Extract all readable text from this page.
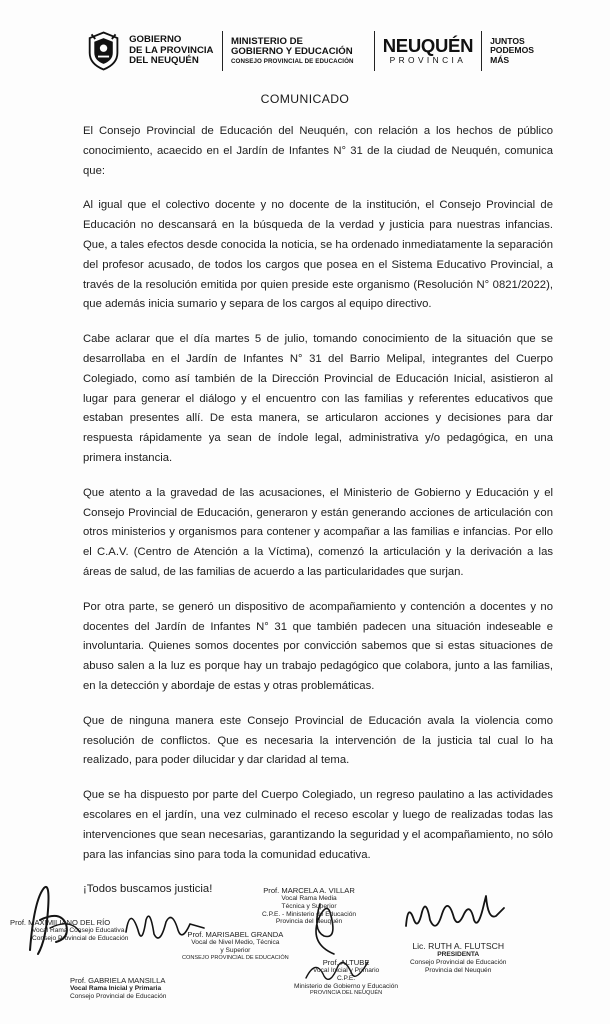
GOBIERNO
DE LA PROVINCIA
DEL NEUQUÉN
MINISTERIO DE
GOBIERNO Y EDUCACIÓN
CONSEJO PROVINCIAL DE EDUCACIÓN
NEUQUÉN
PROVINCIA
JUNTOS
PODEMOS
MÁS
COMUNICADO

El Consejo Provincial de Educación del Neuquén, con relación a los hechos de público conocimiento, acaecido en el Jardín de Infantes N° 31 de la ciudad de Neuquén, comunica que:

Al igual que el colectivo docente y no docente de la institución, el Consejo Provincial de Educación no descansará en la búsqueda de la verdad y justicia para nuestras infancias. Que, a tales efectos desde conocida la noticia, se ha ordenado inmediatamente la separación del profesor acusado, de todos los cargos que posea en el Sistema Educativo Provincial, a través de la resolución emitida por quien preside este organismo (Resolución N° 0821/2022), que además inicia sumario y separa de los cargos al equipo directivo.

Cabe aclarar que el día martes 5 de julio, tomando conocimiento de la situación que se desarrollaba en el Jardín de Infantes N° 31 del Barrio Melipal, integrantes del Cuerpo Colegiado, como así también de la Dirección Provincial de Educación Inicial, asistieron al lugar para generar el diálogo y el encuentro con las familias y referentes educativos que estaban presentes allí. De esta manera, se articularon acciones y decisiones para dar respuesta rápidamente ya sean de índole legal, administrativa y/o pedagógica, en una primera instancia.

Que atento a la gravedad de las acusaciones, el Ministerio de Gobierno y Educación y el Consejo Provincial de Educación, generaron y están generando acciones de articulación con otros ministerios y organismos para contener y acompañar a las familias e infancias. Por ello el C.A.V. (Centro de Atención a la Víctima), comenzó la articulación y la derivación a las áreas de salud, de las familias de acuerdo a las particularidades que surjan.

Por otra parte, se generó un dispositivo de acompañamiento y contención a docentes y no docentes del Jardín de Infantes N° 31 que también padecen una situación indeseable e involuntaria. Quienes somos docentes por convicción sabemos que si estas situaciones de abuso salen a la luz es porque hay un trabajo pedagógico que colabora, junto a las familias, en la detección y abordaje de estas y otras problemáticas.

Que de ninguna manera este Consejo Provincial de Educación avala la violencia como resolución de conflictos. Que es necesaria la intervención de la justicia tal cual lo ha realizado, para poder dilucidar y dar claridad al tema.

Que se ha dispuesto por parte del Cuerpo Colegiado, un regreso paulatino a las actividades escolares en el jardín, una vez culminado el receso escolar y luego de realizadas todas las intervenciones que sean necesarias, garantizando la seguridad y el acompañamiento, no sólo para las infancias sino para toda la comunidad educativa.

¡Todos buscamos justicia!

Prof. MAXIMILIANO DEL RÍO
Vocal Rama Consejo Educativa
Consejo Provincial de Educación
Prof. GABRIELA MANSILLA
Vocal Rama Inicial y Primaria
Consejo Provincial de Educación
Prof. MARISABEL GRANDA
Vocal de Nivel Medio, Técnica
y Superior
CONSEJO PROVINCIAL DE EDUCACIÓN
Prof. MARCELA A. VILLAR
Vocal Rama Media
Técnica y Superior
C.P.E. - Ministerio de Educación
Provincia del Neuquén
Prof. ALTUBE
Vocal Inicial y Primario
C.P.E.
Ministerio de Gobierno y Educación
PROVINCIA DEL NEUQUÉN
Lic. RUTH A. FLUTSCH
PRESIDENTA
Consejo Provincial de Educación
Provincia del Neuquén
